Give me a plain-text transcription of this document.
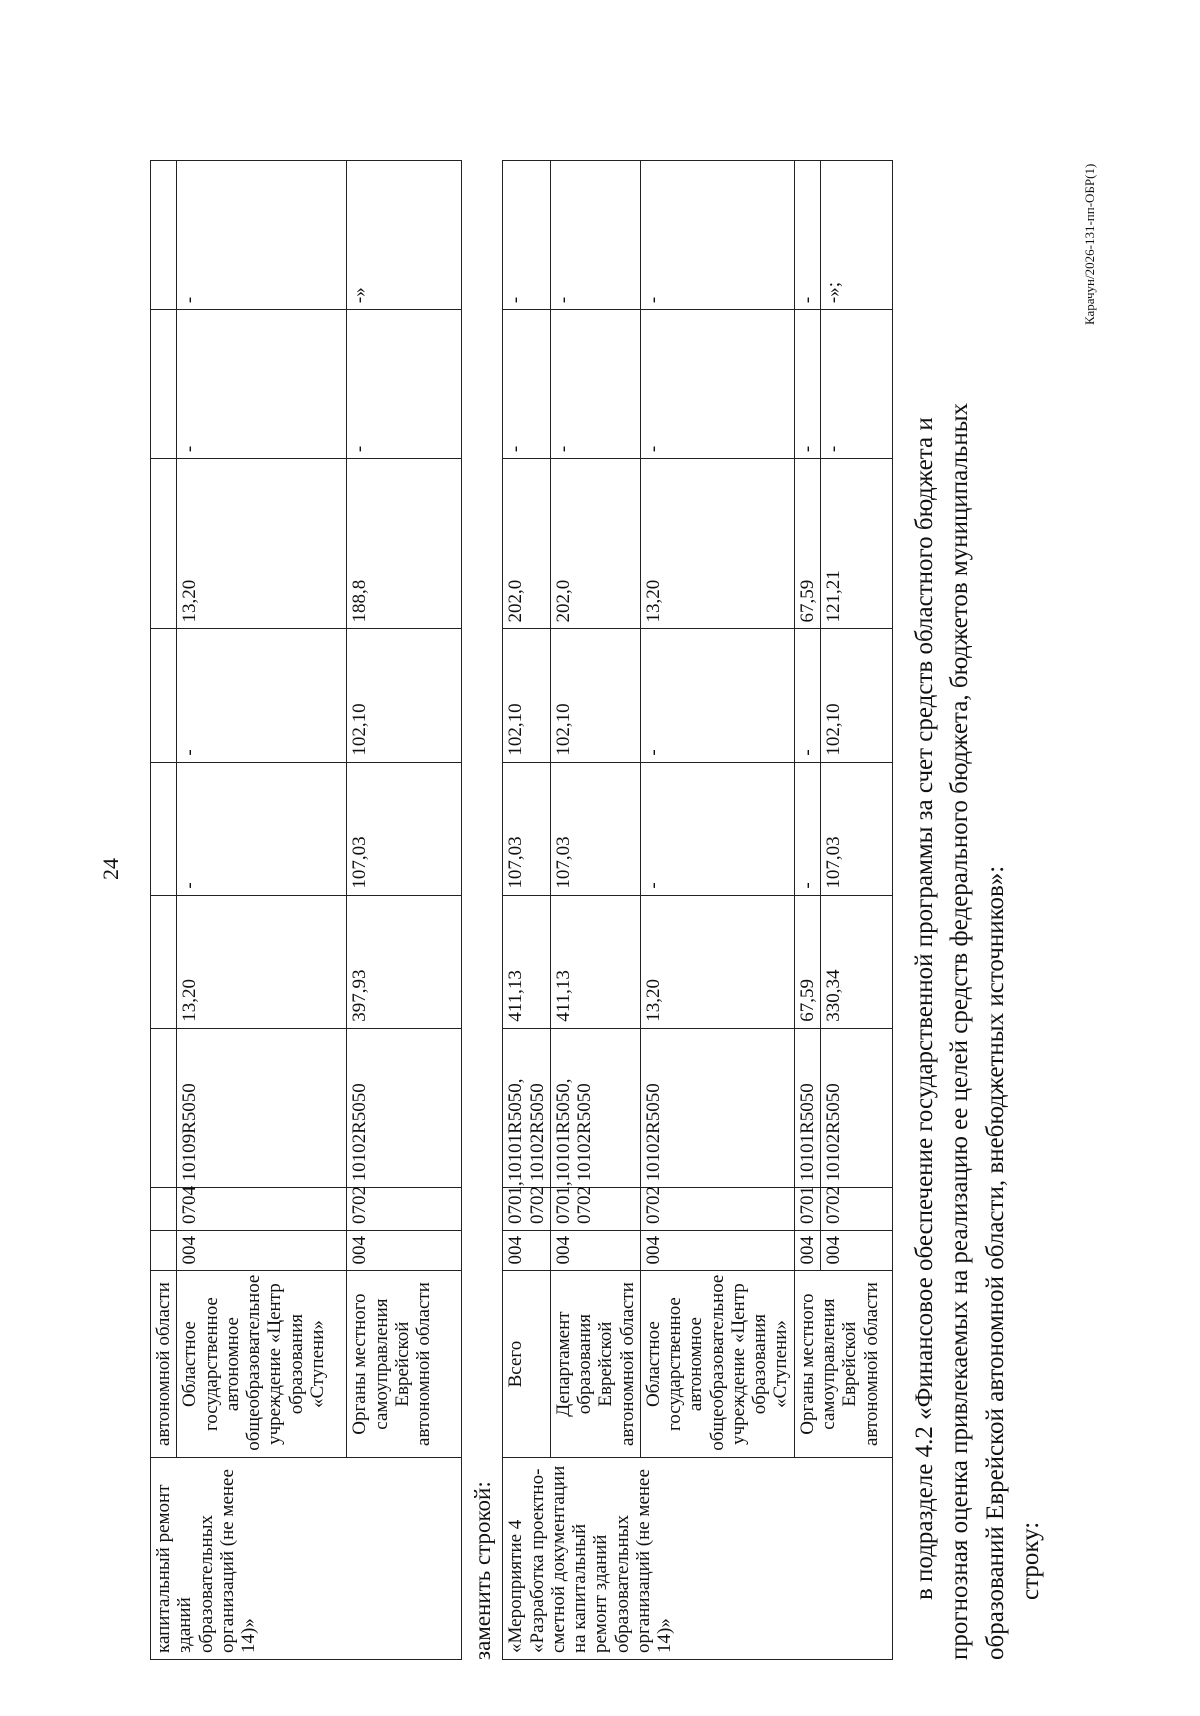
24
Карачун/2026-131-пп-ОБР(1)
капитальный ремонт зданий образовательных организаций (не менее 14)»	автономной области									
	Областное государственное автономное общеобразовательное учреждение «Центр образования «Ступени»	004	0704	10109R5050	13,20	-	-	13,20	-	-
	Органы местного самоуправления Еврейской автономной области	004	0702	10102R5050	397,93	107,03	102,10	188,8	-	-»
заменить строкой: «Мероприятие 4 «Разработка проектно-сметной документации на капитальный ремонт зданий образовательных организаций (не менее 14)»	Всего	004	0701, 0702	10101R5050, 10102R5050	411,13	107,03	102,10	202,0	-	-
	Департамент образования Еврейской автономной области	004	0701, 0702	10101R5050, 10102R5050	411,13	107,03	102,10	202,0	-	-
	Областное государственное автономное общеобразовательное учреждение «Центр образования «Ступени»	004	0702	10102R5050	13,20	-	-	13,20	-	-
	Органы местного самоуправления Еврейской автономной области	004	0701	10101R5050	67,59	-	-	67,59	-	-
		004	0702	10102R5050	330,34	107,03	102,10	121,21	-	-»;

в подразделе 4.2 «Финансовое обеспечение государственной программы за счет средств областного бюджета и прогнозная оценка привлекаемых на реализацию ее целей средств федерального бюджета, бюджетов муниципальных образований Еврейской автономной области, внебюджетных источников»: строку:
